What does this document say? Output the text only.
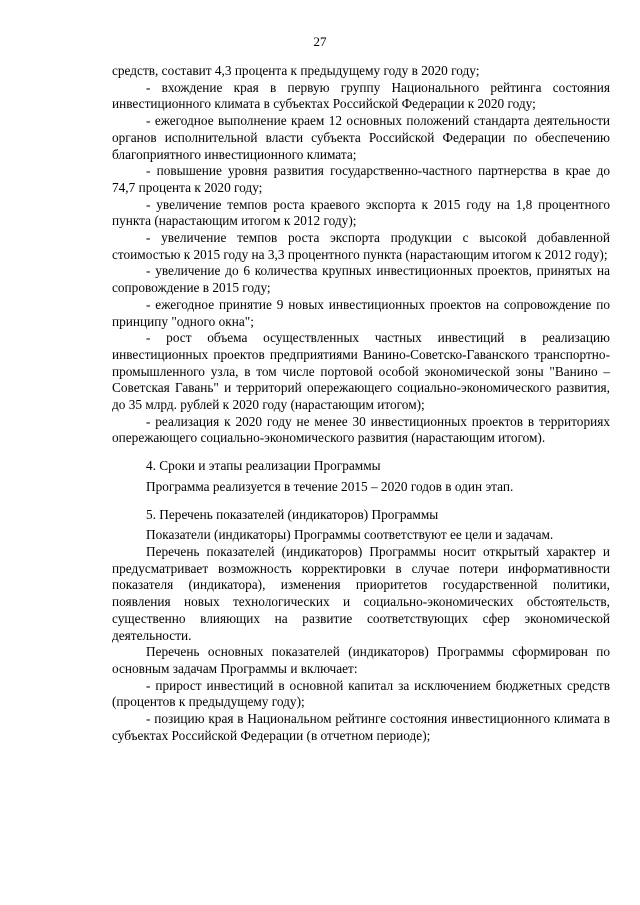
27

средств, составит 4,3 процента к предыдущему году в 2020 году;

- вхождение края в первую группу Национального рейтинга состояния инвестиционного климата в субъектах Российской Федерации к 2020 году;

- ежегодное выполнение краем 12 основных положений стандарта деятельности органов исполнительной власти субъекта Российской Федерации по обеспечению благоприятного инвестиционного климата;

- повышение уровня развития государственно-частного партнерства в крае до 74,7 процента к 2020 году;

- увеличение темпов роста краевого экспорта к 2015 году на 1,8 процентного пункта (нарастающим итогом к 2012 году);

- увеличение темпов роста экспорта продукции с высокой добавленной стоимостью к 2015 году на 3,3 процентного пункта (нарастающим итогом к 2012 году);

- увеличение до 6 количества крупных инвестиционных проектов, принятых на сопровождение в 2015 году;

- ежегодное принятие 9 новых инвестиционных проектов на сопровождение по принципу "одного окна";

- рост объема осуществленных частных инвестиций в реализацию инвестиционных проектов предприятиями Ванино-Советско-Гаванского транспортно-промышленного узла, в том числе портовой особой экономической зоны "Ванино – Советская Гавань" и территорий опережающего социально-экономического развития, до 35 млрд. рублей к 2020 году (нарастающим итогом);

- реализация к 2020 году не менее 30 инвестиционных проектов в территориях опережающего социально-экономического развития (нарастающим итогом).

4. Сроки и этапы реализации Программы

Программа реализуется в течение 2015 – 2020 годов в один этап.

5. Перечень показателей (индикаторов) Программы

Показатели (индикаторы) Программы соответствуют ее цели и задачам.

Перечень показателей (индикаторов) Программы носит открытый характер и предусматривает возможность корректировки в случае потери информативности показателя (индикатора), изменения приоритетов государственной политики, появления новых технологических и социально-экономических обстоятельств, существенно влияющих на развитие соответствующих сфер экономической деятельности.

Перечень основных показателей (индикаторов) Программы сформирован по основным задачам Программы и включает:

- прирост инвестиций в основной капитал за исключением бюджетных средств (процентов к предыдущему году);

- позицию края в Национальном рейтинге состояния инвестиционного климата в субъектах Российской Федерации (в отчетном периоде);
